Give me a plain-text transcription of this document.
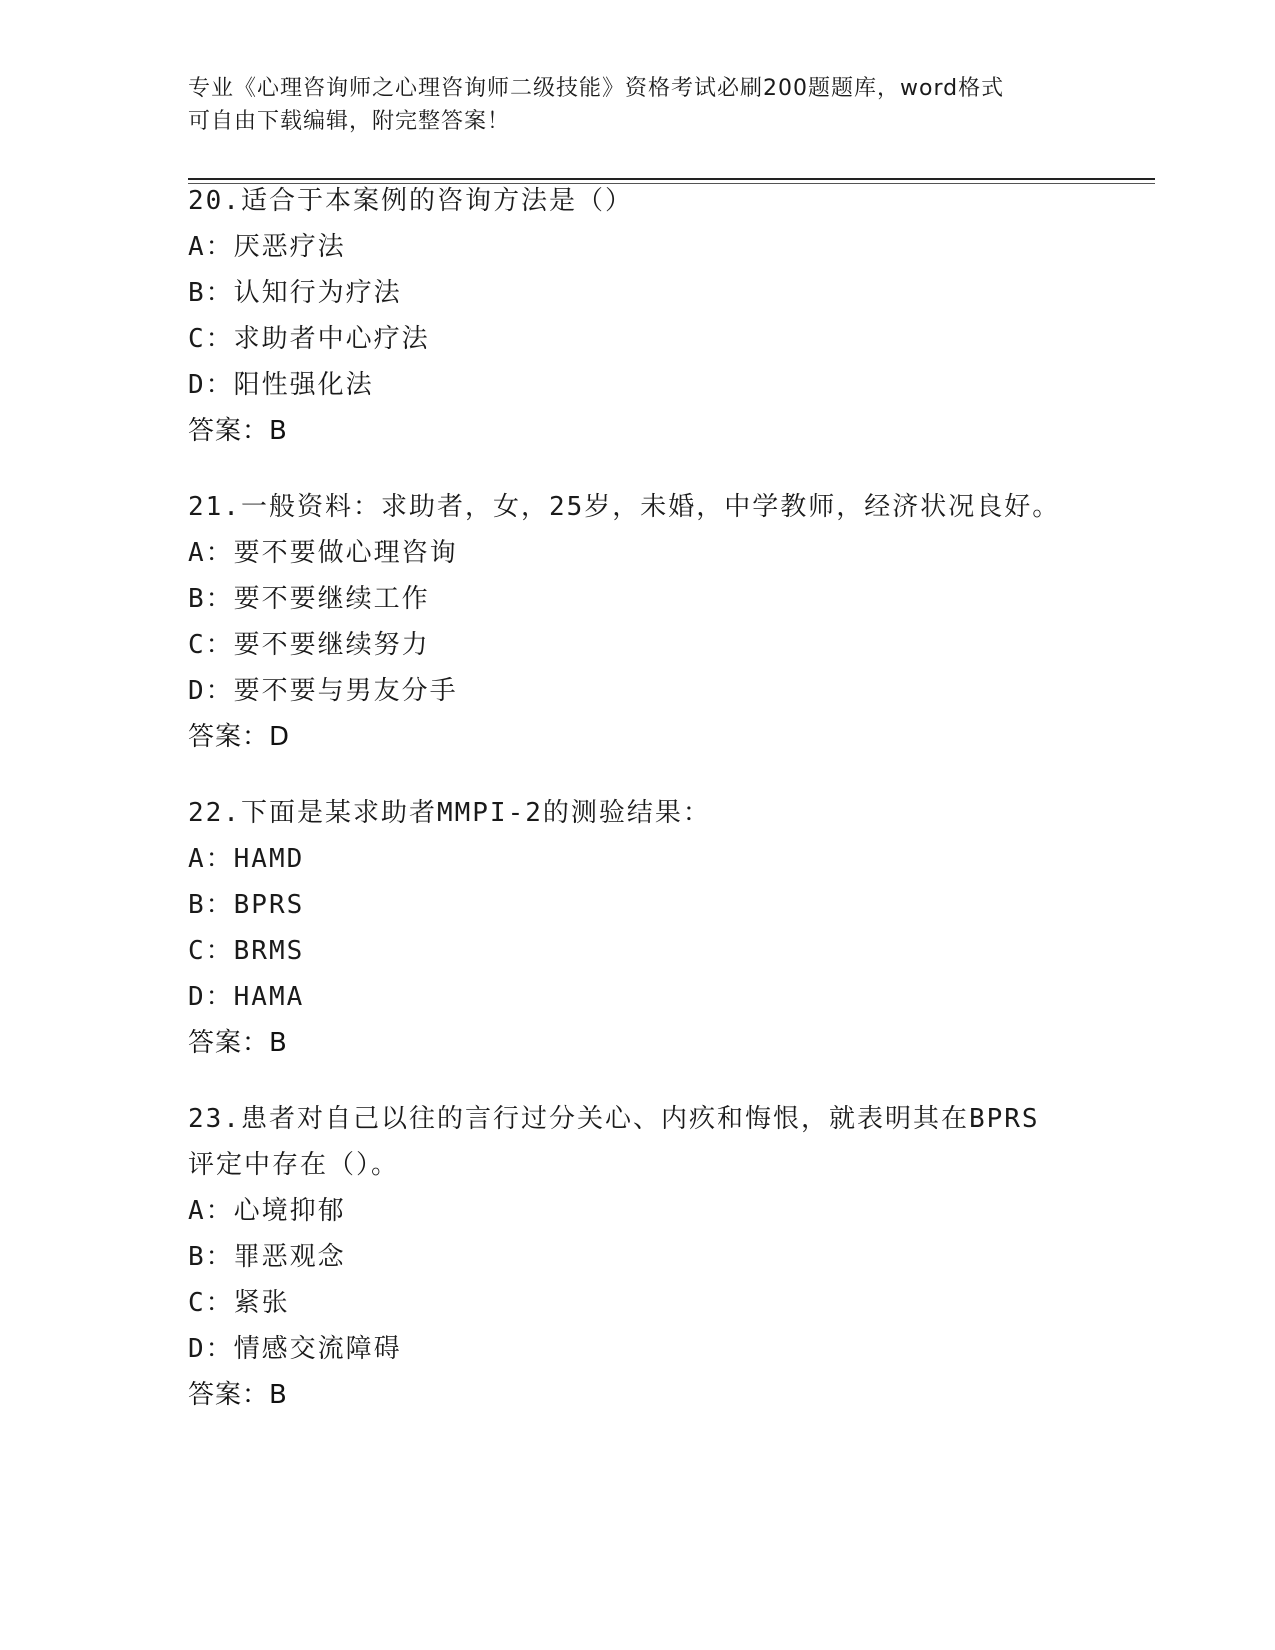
专业《心理咨询师之心理咨询师二级技能》资格考试必刷200题题库，word格式
可自由下载编辑，附完整答案！
20.适合于本案例的咨询方法是（）
A：厌恶疗法
B：认知行为疗法
C：求助者中心疗法
D：阳性强化法
答案：B
21.一般资料：求助者，女，25岁，未婚，中学教师，经济状况良好。
A：要不要做心理咨询
B：要不要继续工作
C：要不要继续努力
D：要不要与男友分手
答案：D
22.下面是某求助者MMPI-2的测验结果：
A：HAMD
B：BPRS
C：BRMS
D：HAMA
答案：B
23.患者对自己以往的言行过分关心、内疚和悔恨，就表明其在BPRS
评定中存在（）。
A：心境抑郁
B：罪恶观念
C：紧张
D：情感交流障碍
答案：B
